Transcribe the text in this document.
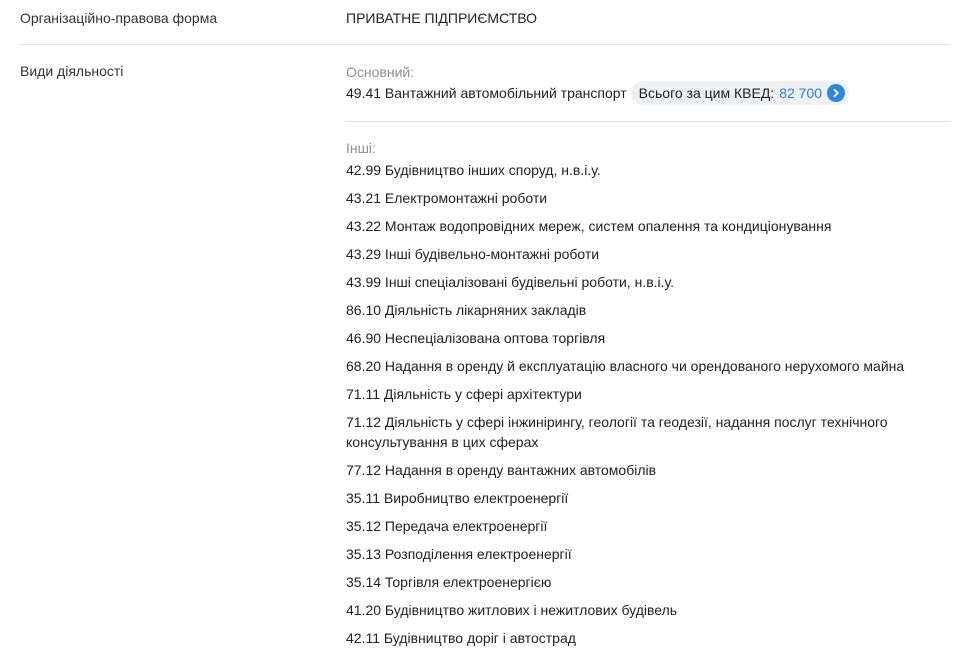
Організаційно-правова форма	ПРИВАТНЕ ПІДПРИЄМСТВО
Види діяльності	Основний:
49.41 Вантажний автомобільний транспорт Всього за цим КВЕД: 82 700
Інші:
42.99 Будівництво інших споруд, н.в.і.у.
43.21 Електромонтажні роботи
43.22 Монтаж водопровідних мереж, систем опалення та кондиціонування
43.29 Інші будівельно-монтажні роботи
43.99 Інші спеціалізовані будівельні роботи, н.в.і.у.
86.10 Діяльність лікарняних закладів
46.90 Неспеціалізована оптова торгівля
68.20 Надання в оренду й експлуатацію власного чи орендованого нерухомого майна
71.11 Діяльність у сфері архітектури
71.12 Діяльність у сфері інжинірингу, геології та геодезії, надання послуг технічного консультування в цих сферах
77.12 Надання в оренду вантажних автомобілів
35.11 Виробництво електроенергії
35.12 Передача електроенергії
35.13 Розподілення електроенергії
35.14 Торгівля електроенергією
41.20 Будівництво житлових і нежитлових будівель
42.11 Будівництво доріг і автострад
